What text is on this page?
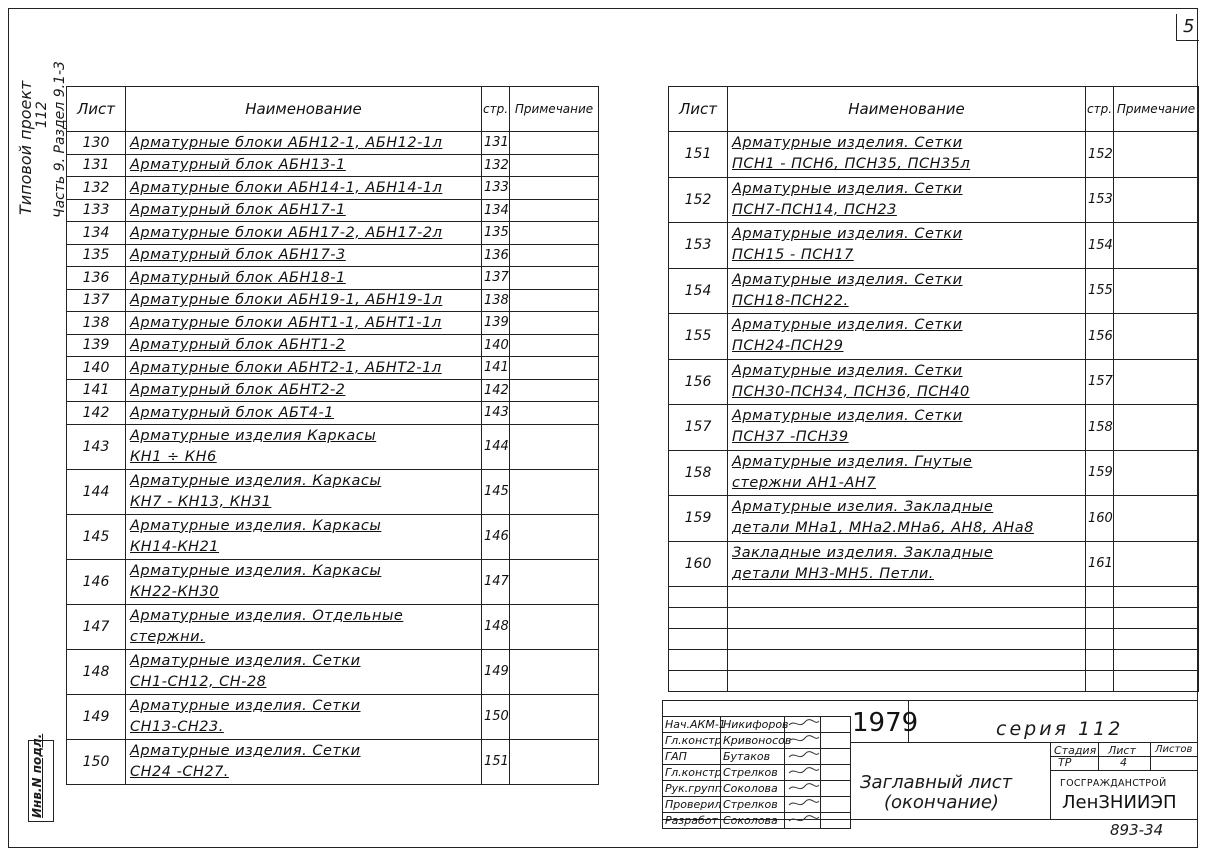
5
Типовой проект 112 Часть 9. Раздел 9.1-3
Инв.N подл.
Лист	Наименование	стр.	Примечание
130	Арматурные блоки АБН12-1, АБН12-1л	131	
131	Арматурный блок АБН13-1	132	
132	Арматурные блоки АБН14-1, АБН14-1л	133	
133	Арматурный блок АБН17-1	134	
134	Арматурные блоки АБН17-2, АБН17-2л	135	
135	Арматурный блок АБН17-3	136	
136	Арматурный блок АБН18-1	137	
137	Арматурные блоки АБН19-1, АБН19-1л	138	
138	Арматурные блоки АБНТ1-1, АБНТ1-1л	139	
139	Арматурный блок АБНТ1-2	140	
140	Арматурные блоки АБНТ2-1, АБНТ2-1л	141	
141	Арматурный блок АБНТ2-2	142	
142	Арматурный блок АБТ4-1	143	
143	Арматурные изделия Каркасы
КН1 ÷ КН6	144	
144	Арматурные изделия. Каркасы
КН7 - КН13, КН31	145	
145	Арматурные изделия. Каркасы
КН14-КН21	146	
146	Арматурные изделия. Каркасы
КН22-КН30	147	
147	Арматурные изделия. Отдельные
стержни.	148	
148	Арматурные изделия. Сетки
СН1-СН12, СН-28	149	
149	Арматурные изделия. Сетки
СН13-СН23.	150	
150	Арматурные изделия. Сетки
СН24 -СН27.	151	
Лист	Наименование	стр.	Примечание
151	Арматурные изделия. Сетки
ПСН1 - ПСН6, ПСН35, ПСН35л	152	
152	Арматурные изделия. Сетки
ПСН7-ПСН14, ПСН23	153	
153	Арматурные изделия. Сетки
ПСН15 - ПСН17	154	
154	Арматурные изделия. Сетки
ПСН18-ПСН22.	155	
155	Арматурные изделия. Сетки
ПСН24-ПСН29	156	
156	Арматурные изделия. Сетки
ПСН30-ПСН34, ПСН36, ПСН40	157	
157	Арматурные изделия. Сетки
ПСН37 -ПСН39	158	
158	Арматурные изделия. Гнутые
стержни АН1-АН7	159	
159	Арматурные изелия. Закладные
детали МНа1, МНа2.МНа6, АН8, АНа8	160	
160	Закладные изделия. Закладные
детали МН3-МН5. Петли.	161	

Нач.АКМ-1	Никифоров		
Гл.констр	Кривоносов		
ГАП	Бутаков		
Гл.констр	Стрелков		
Рук.групп	Соколова		
Проверил	Стрелков		
Разработ	Соколова		
1979	серия 112
Заглавный лист
(окончание)
Стадия Лист Листов
ТР	4
ГОСГРАЖДАНСТРОЙ
ЛенЗНИИЭП
893-34
